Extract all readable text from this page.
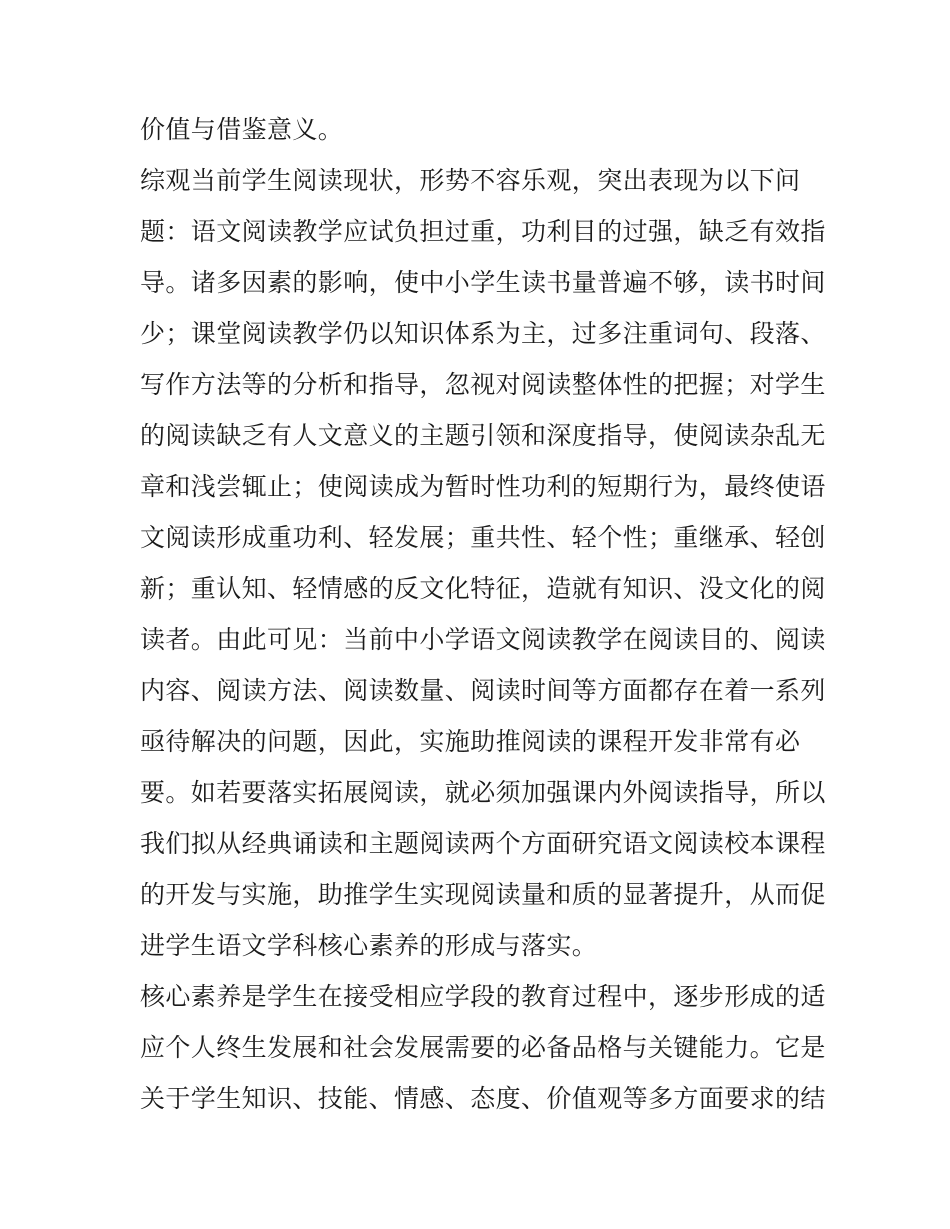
价值与借鉴意义。
综观当前学生阅读现状，形势不容乐观，突出表现为以下问
题：语文阅读教学应试负担过重，功利目的过强，缺乏有效指
导。诸多因素的影响，使中小学生读书量普遍不够，读书时间
少；课堂阅读教学仍以知识体系为主，过多注重词句、段落、
写作方法等的分析和指导，忽视对阅读整体性的把握；对学生
的阅读缺乏有人文意义的主题引领和深度指导，使阅读杂乱无
章和浅尝辄止；使阅读成为暂时性功利的短期行为，最终使语
文阅读形成重功利、轻发展；重共性、轻个性；重继承、轻创
新；重认知、轻情感的反文化特征，造就有知识、没文化的阅
读者。由此可见：当前中小学语文阅读教学在阅读目的、阅读
内容、阅读方法、阅读数量、阅读时间等方面都存在着一系列
亟待解决的问题，因此，实施助推阅读的课程开发非常有必
要。如若要落实拓展阅读，就必须加强课内外阅读指导，所以
我们拟从经典诵读和主题阅读两个方面研究语文阅读校本课程
的开发与实施，助推学生实现阅读量和质的显著提升，从而促
进学生语文学科核心素养的形成与落实。
核心素养是学生在接受相应学段的教育过程中，逐步形成的适
应个人终生发展和社会发展需要的必备品格与关键能力。它是
关于学生知识、技能、情感、态度、价值观等多方面要求的结
